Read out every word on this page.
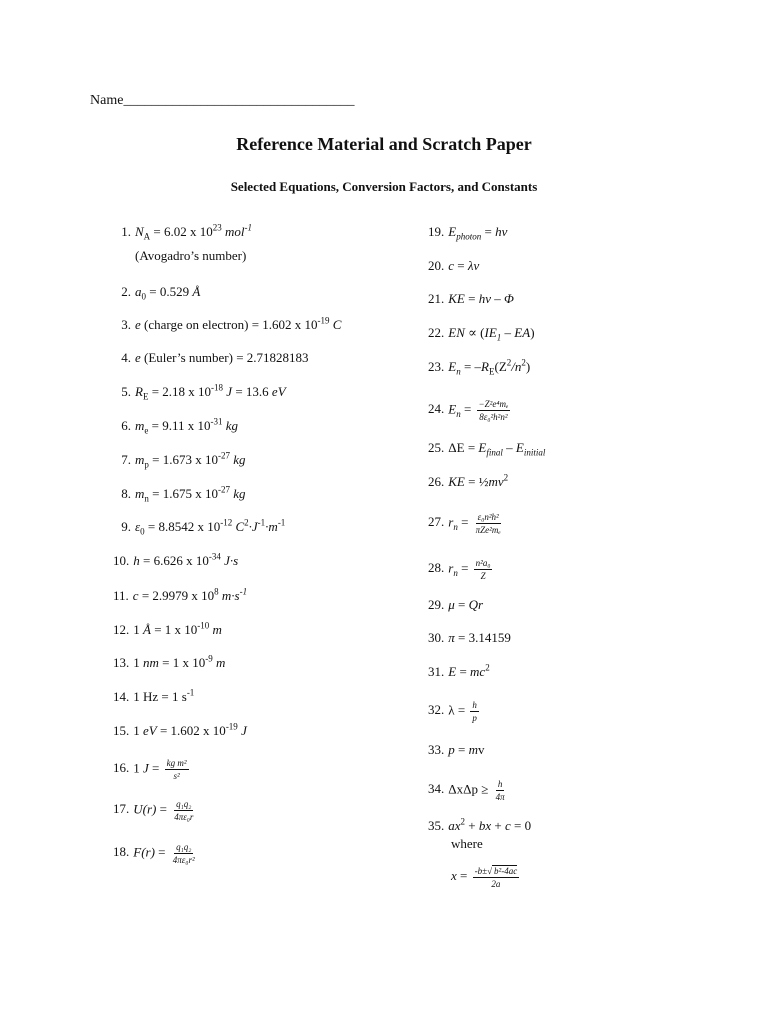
Name_________________________________
Reference Material and Scratch Paper
Selected Equations, Conversion Factors, and Constants
1. $N_A = 6.02$ x $10^{23}$ mol$^{-1}$
(Avogadro’s number)
2. $a_0 = 0.529$ Å
3. e (charge on electron) = 1.602 x $10^{-19}$ C
4. e (Euler’s number) = 2.71828183
5. $R_E = 2.18$ x $10^{-18}$ J = 13.6 eV
6. $m_e = 9.11$ x $10^{-31}$ kg
7. $m_p = 1.673$ x $10^{-27}$ kg
8. $m_n = 1.675$ x $10^{-27}$ kg
9. $\varepsilon_0 = 8.8542$ x $10^{-12}$ $C^2\cdot J^{-1}\cdot m^{-1}$
10. h = 6.626 x $10^{-34}$ J·s
11. c = 2.9979 x $10^8$ $m\cdot s^{-1}$
12. 1 Å = 1 x $10^{-10}$ m
13. 1 nm = 1 x $10^{-9}$ m
14. 1 Hz = 1 $s^{-1}$
15. 1 eV = 1.602 x $10^{-19}$ J
16. 1 $J = \frac{\text{kg m²}}{\text{s²}}$
17. $U(r) = \frac{\text{q₁q₂}}{\text{4πε₀r}}$
18. $F(r) = \frac{\text{q₁q₂}}{\text{4πε₀r²}}$
19. $E_{photon} = h\nu$
20. c = λν
21. KE = hν – Φ
22. EN ∝ $(IE_1 - EA)$
23. $E_n = -R_E(Z^2/n^2)$
24. $E_n = \frac{\text{−Z²e⁴mₑ}}{\text{8ε₀²h²n²}}$
25. $\Delta E = E_{final} - E_{initial}$
26. KE = $\frac{1}{2}mv^2$
27. $r_n = \frac{\text{ε₀n²h²}}{\text{πZe²mₑ}}$
28. $r_n = \frac{\text{n²a₀}}{Z}$
29. μ = Qr
30. π = 3.14159
31. $E = mc^2$
32. $\lambda = \frac{h}{p}$
33. p = mv
34. $\Delta x\Delta p \ge \frac{h}{4\pi}$
35. $ax^2$ + bx + c = 0
where
$x = \frac{\text{-b±√ b²-4ac}}{2a}$
